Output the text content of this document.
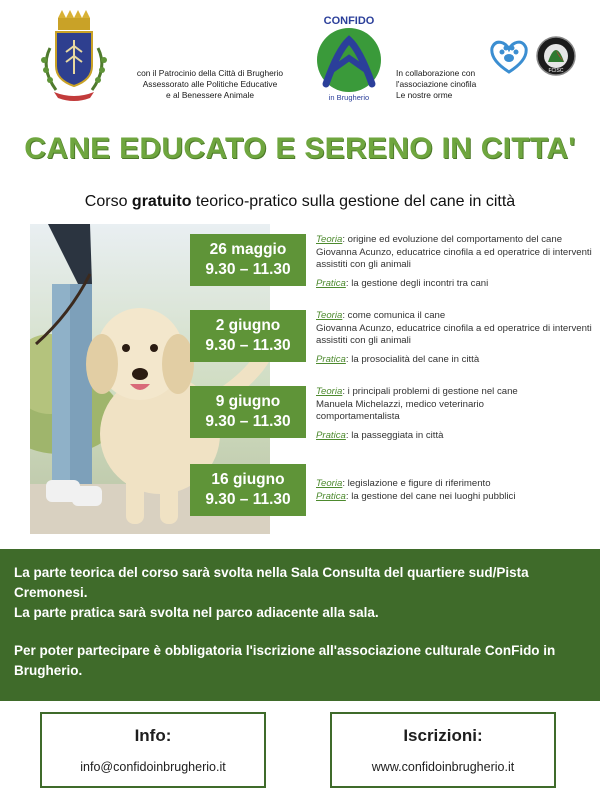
con il Patrocinio della Città di Brugherio
Assessorato alle Politiche Educative
e al Benessere Animale
CONFIDO
in Brugherio
In collaborazione con
l'associazione cinofila
Le nostre orme
FCISC
CANE EDUCATO E SERENO IN CITTA'
Corso gratuito teorico-pratico sulla gestione del cane in città
26 maggio
9.30 – 11.30
Teoria: origine ed evoluzione del comportamento del cane
Giovanna Acunzo, educatrice cinofila a ed operatrice di interventi assistiti con gli animali
Pratica: la gestione degli incontri tra cani
2 giugno
9.30 – 11.30
Teoria: come comunica il cane
Giovanna Acunzo, educatrice cinofila a ed operatrice di interventi assistiti con gli animali
Pratica: la prosocialità del cane in città
9 giugno
9.30 – 11.30
Teoria: i principali problemi di gestione nel cane
Manuela Michelazzi, medico veterinario comportamentalista
Pratica: la passeggiata in città
16 giugno
9.30 – 11.30
Teoria: legislazione e figure di riferimento
Pratica: la gestione del cane nei luoghi pubblici

La parte teorica del corso sarà svolta nella Sala Consulta del quartiere sud/Pista Cremonesi.

La parte pratica sarà svolta nel parco adiacente alla sala.

Per poter partecipare è obbligatoria l'iscrizione all'associazione culturale ConFido in Brugherio.

Info:
info@confidoinbrugherio.it
Iscrizioni:
www.confidoinbrugherio.it
